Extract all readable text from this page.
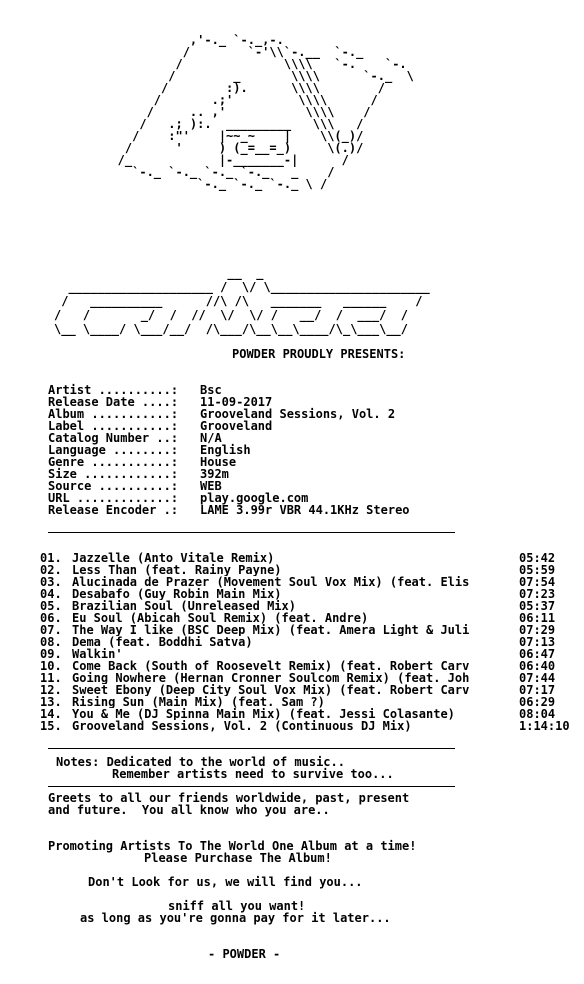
,'-._ `-._,-.
/        `-'\\`-.__  `-._
/              \\\\   `-.    `-.
/        _       \\\\      `-._  \
/        :).      \\\\        /
/       .;'         \\\\      /
/     .. ,'           \\\\    /
/   .; ):.  _________   \\\   /
/    :"'    |~~_~    |    \\(_)/
/      '     ) (_=__=_)     \(.)/
/_            |-_______-|      /
`-._ `-._ `-._ `-._   _    /
`-._ `-._ `-._ \ /
__  _
____________________ /  \/ \______________________
/   __________      //\ /\   _______   ______    /
/   /       _/  /  //  \/  \/ /   __/  /  ___/  /
\__ \____/ \___/__/  /\___/\__\__\____/\_\___\__/
POWDER PROUDLY PRESENTS:
Artist ..........: Bsc
Release Date ....: 11-09-2017
Album ...........: Grooveland Sessions, Vol. 2
Label ...........: Grooveland
Catalog Number ..: N/A
Language ........: English
Genre ...........: House
Size ............: 392m
Source ..........: WEB
URL .............: play.google.com
Release Encoder .: LAME 3.99r VBR 44.1KHz Stereo
01. Jazzelle (Anto Vitale Remix)	05:42
02. Less Than (feat. Rainy Payne)	05:59
03. Alucinada de Prazer (Movement Soul Vox Mix) (feat. Elis	07:54
04. Desabafo (Guy Robin Main Mix)	07:23
05. Brazilian Soul (Unreleased Mix)	05:37
06. Eu Soul (Abicah Soul Remix) (feat. Andre)	06:11
07. The Way I like (BSC Deep Mix) (feat. Amera Light & Juli	07:29
08. Dema (feat. Boddhi Satva)	07:13
09. Walkin'	06:47
10. Come Back (South of Roosevelt Remix) (feat. Robert Carv	06:40
11. Going Nowhere (Hernan Cronner Soulcom Remix) (feat. Joh	07:44
12. Sweet Ebony (Deep City Soul Vox Mix) (feat. Robert Carv	07:17
13. Rising Sun (Main Mix) (feat. Sam ?)	06:29
14. You & Me (DJ Spinna Main Mix) (feat. Jessi Colasante)	08:04
15. Grooveland Sessions, Vol. 2 (Continuous DJ Mix)	1:14:10
Notes: Dedicated to the world of music..
Remember artists need to survive too...
Greets to all our friends worldwide, past, present
and future.  You all know who you are..
Promoting Artists To The World One Album at a time!
Please Purchase The Album!
Don't Look for us, we will find you...
sniff all you want!
as long as you're gonna pay for it later...
- POWDER -
